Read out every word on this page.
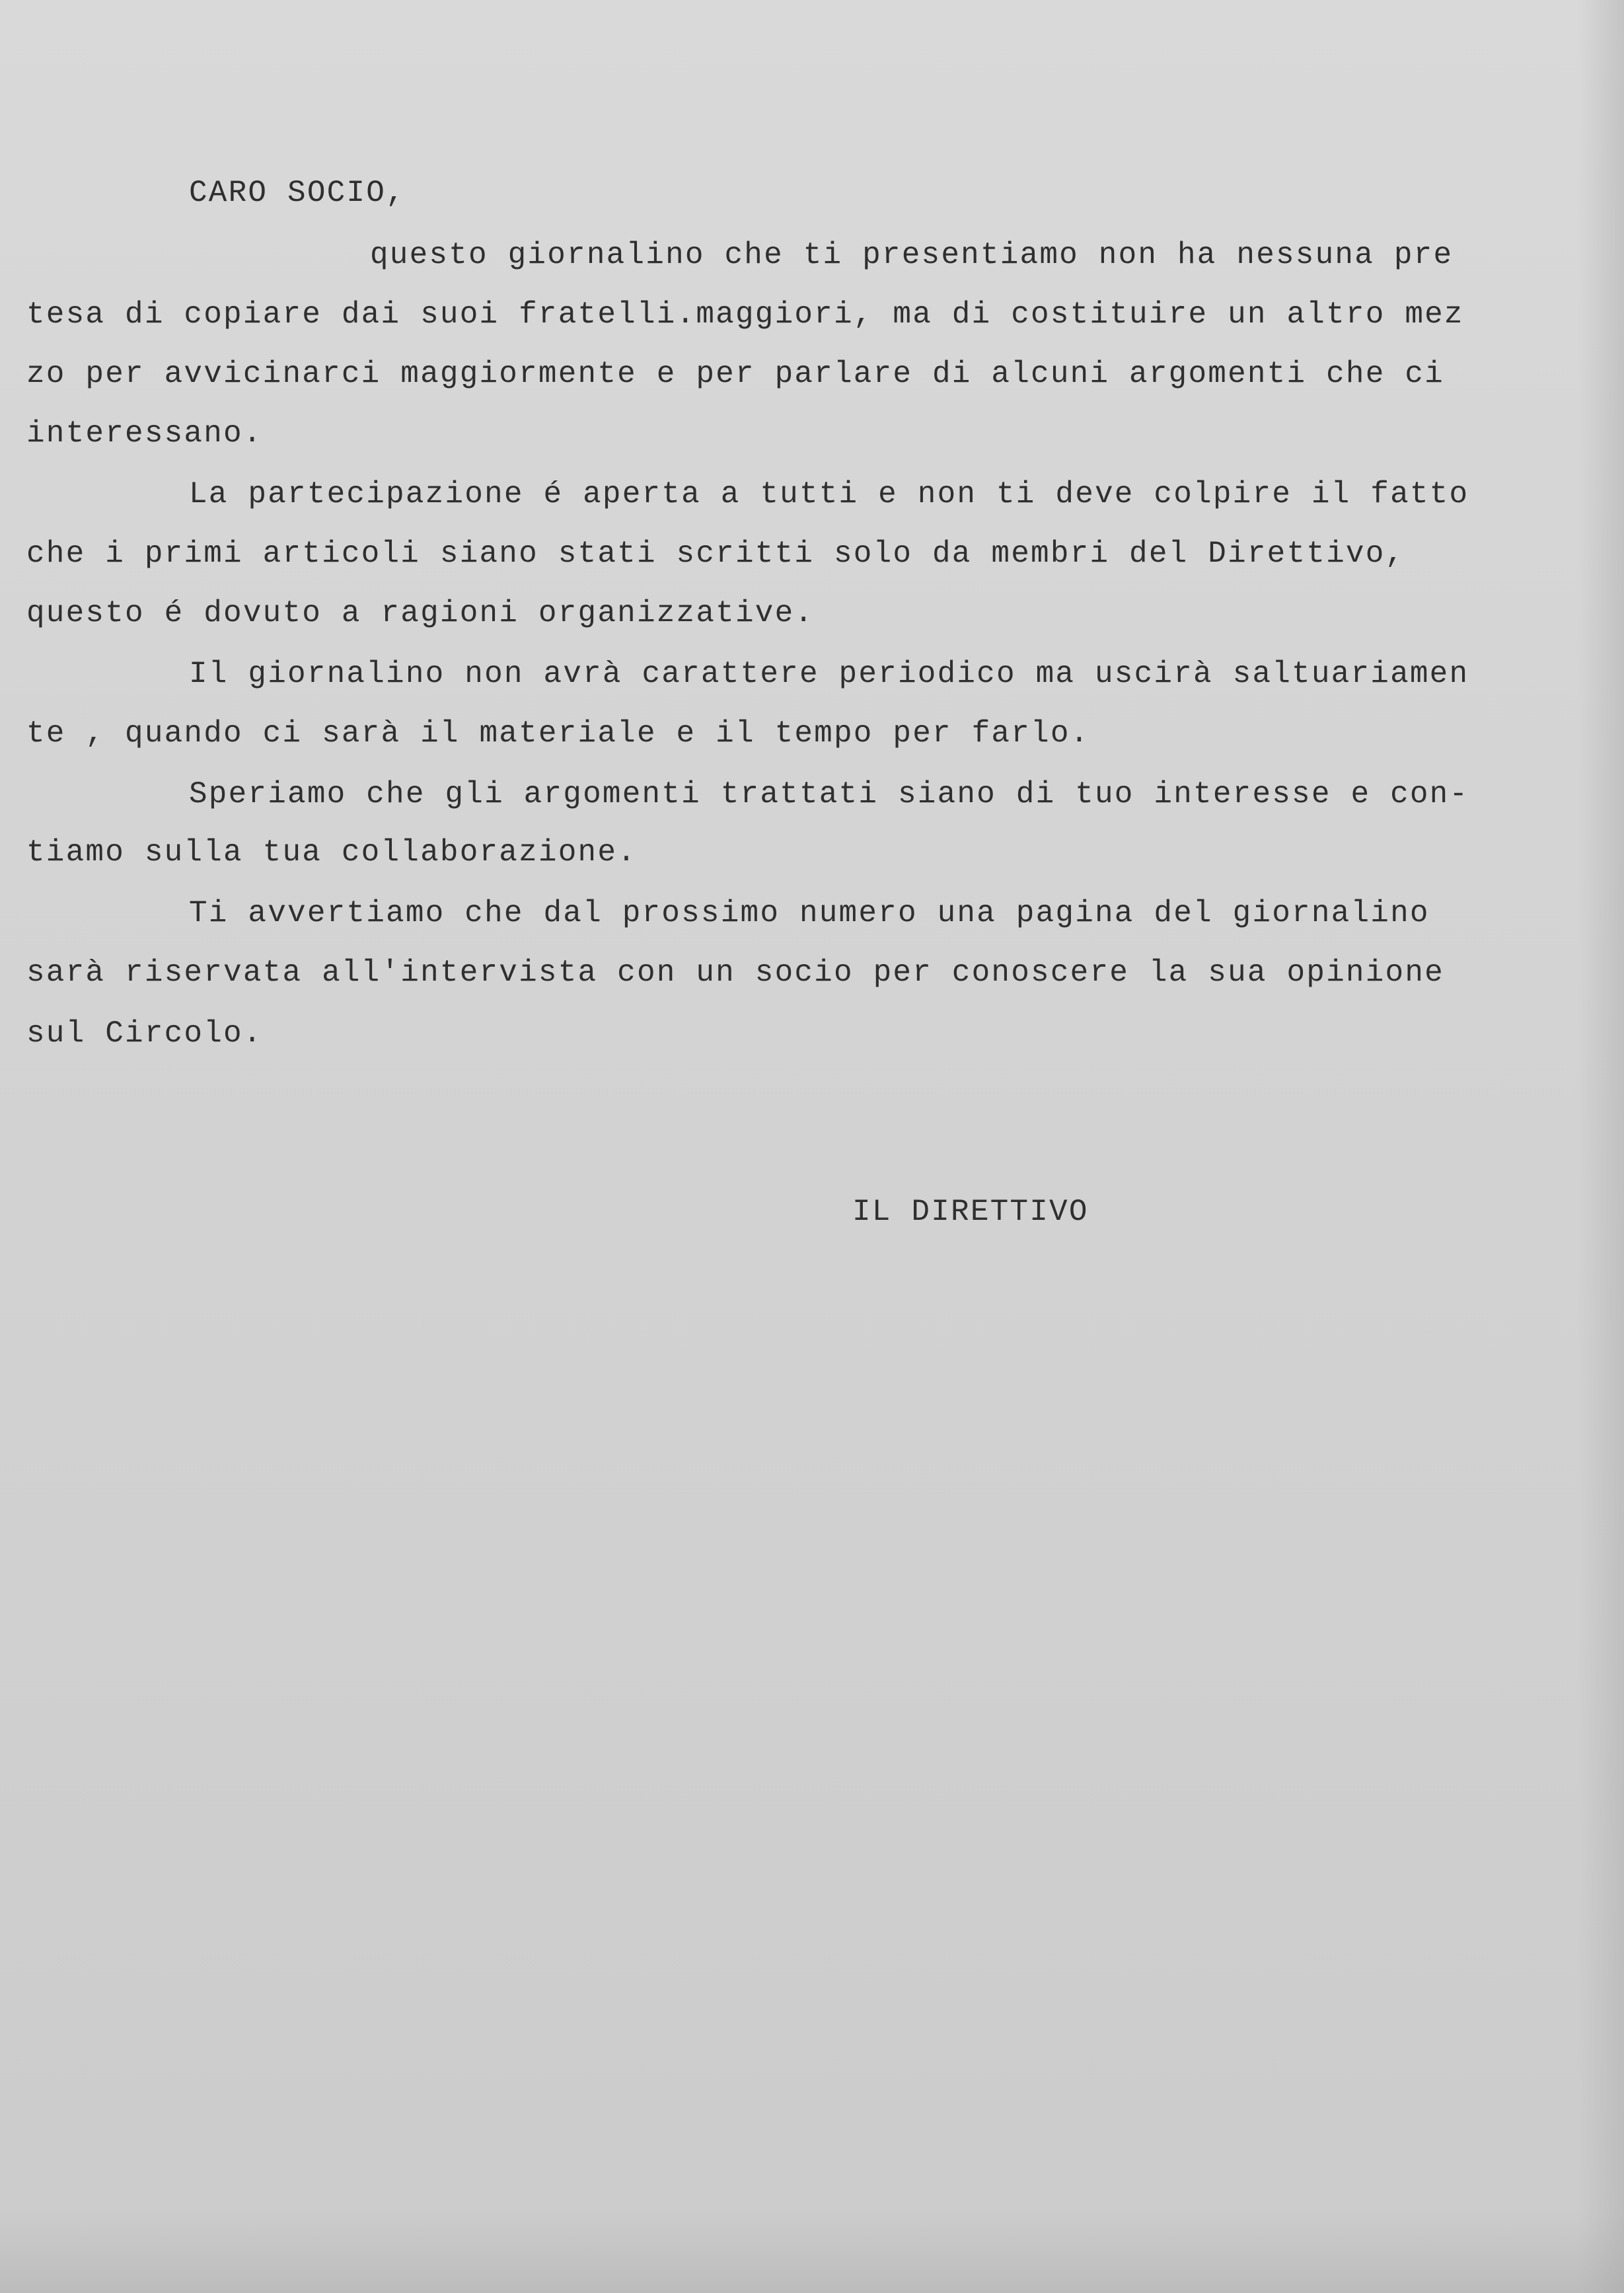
CARO SOCIO,

questo giornalino che ti presentiamo non ha nessuna pre

tesa di copiare dai suoi fratelli.maggiori, ma di costituire un altro mez

zo per avvicinarci maggiormente e per parlare di alcuni argomenti che ci

interessano.

La partecipazione é aperta a tutti e non ti deve colpire il fatto

che i primi articoli siano stati scritti solo da membri del Direttivo,

questo é dovuto a ragioni organizzative.

Il giornalino non avrà carattere periodico ma uscirà saltuariamen

te , quando ci sarà il materiale e il tempo per farlo.

Speriamo che gli argomenti trattati siano di tuo interesse e con-

tiamo sulla tua collaborazione.

Ti avvertiamo che dal prossimo numero una pagina del giornalino

sarà riservata all'intervista con un socio per conoscere la sua opinione

sul Circolo.

IL DIRETTIVO
